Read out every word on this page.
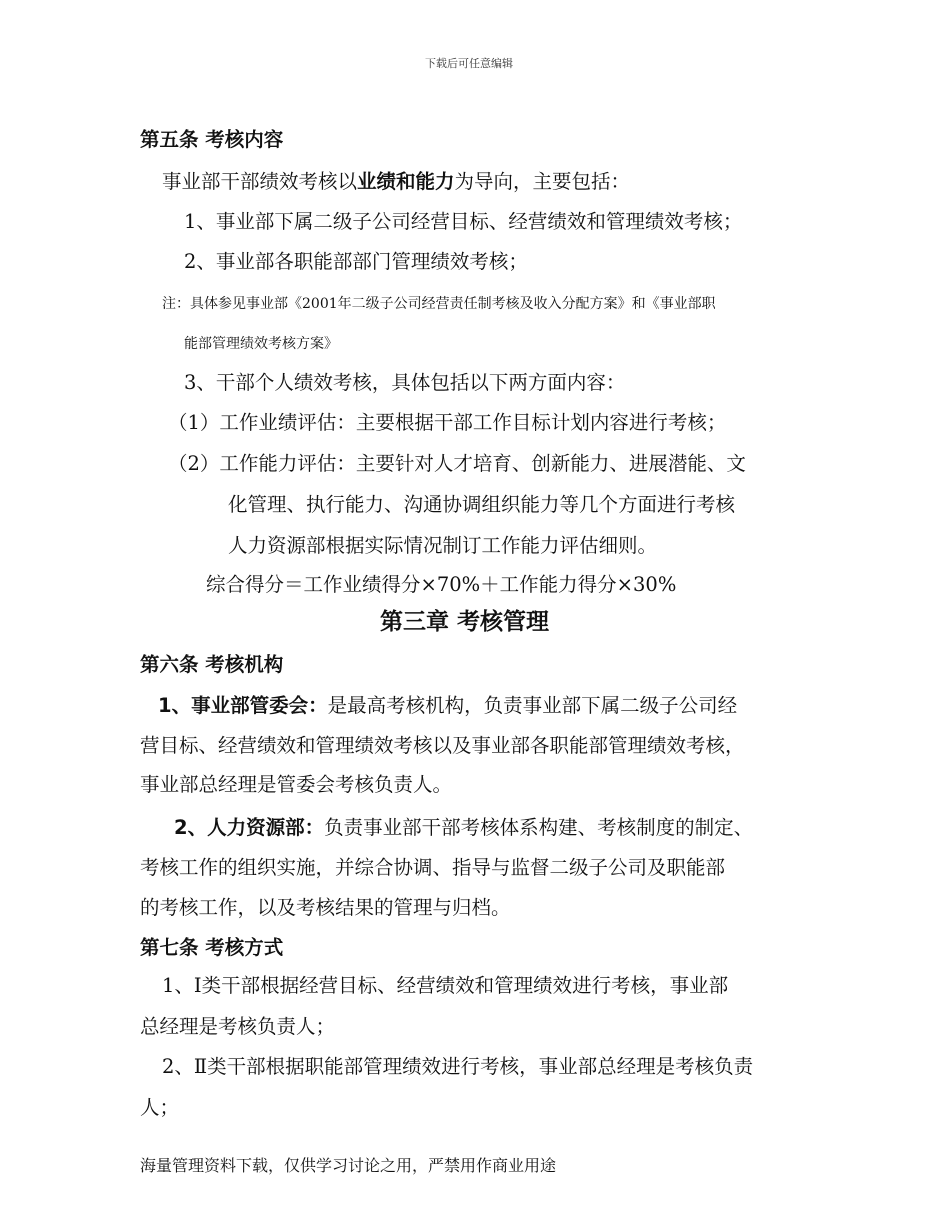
下载后可任意编辑
第五条 考核内容
事业部干部绩效考核以业绩和能力为导向，主要包括：
1、事业部下属二级子公司经营目标、经营绩效和管理绩效考核；
2、事业部各职能部部门管理绩效考核；
注：具体参见事业部《2001年二级子公司经营责任制考核及收入分配方案》和《事业部职
能部管理绩效考核方案》
3、干部个人绩效考核，具体包括以下两方面内容：
（1）工作业绩评估：主要根据干部工作目标计划内容进行考核；
（2）工作能力评估：主要针对人才培育、创新能力、进展潜能、文
化管理、执行能力、沟通协调组织能力等几个方面进行考核
人力资源部根据实际情况制订工作能力评估细则。
综合得分＝工作业绩得分×70%＋工作能力得分×30%
第三章 考核管理
第六条 考核机构
1、事业部管委会：是最高考核机构，负责事业部下属二级子公司经
营目标、经营绩效和管理绩效考核以及事业部各职能部管理绩效考核，
事业部总经理是管委会考核负责人。
2、人力资源部：负责事业部干部考核体系构建、考核制度的制定、
考核工作的组织实施，并综合协调、指导与监督二级子公司及职能部
的考核工作，以及考核结果的管理与归档。
第七条 考核方式
1、Ⅰ类干部根据经营目标、经营绩效和管理绩效进行考核，事业部
总经理是考核负责人；
2、Ⅱ类干部根据职能部管理绩效进行考核，事业部总经理是考核负责
人；
海量管理资料下载，仅供学习讨论之用，严禁用作商业用途
